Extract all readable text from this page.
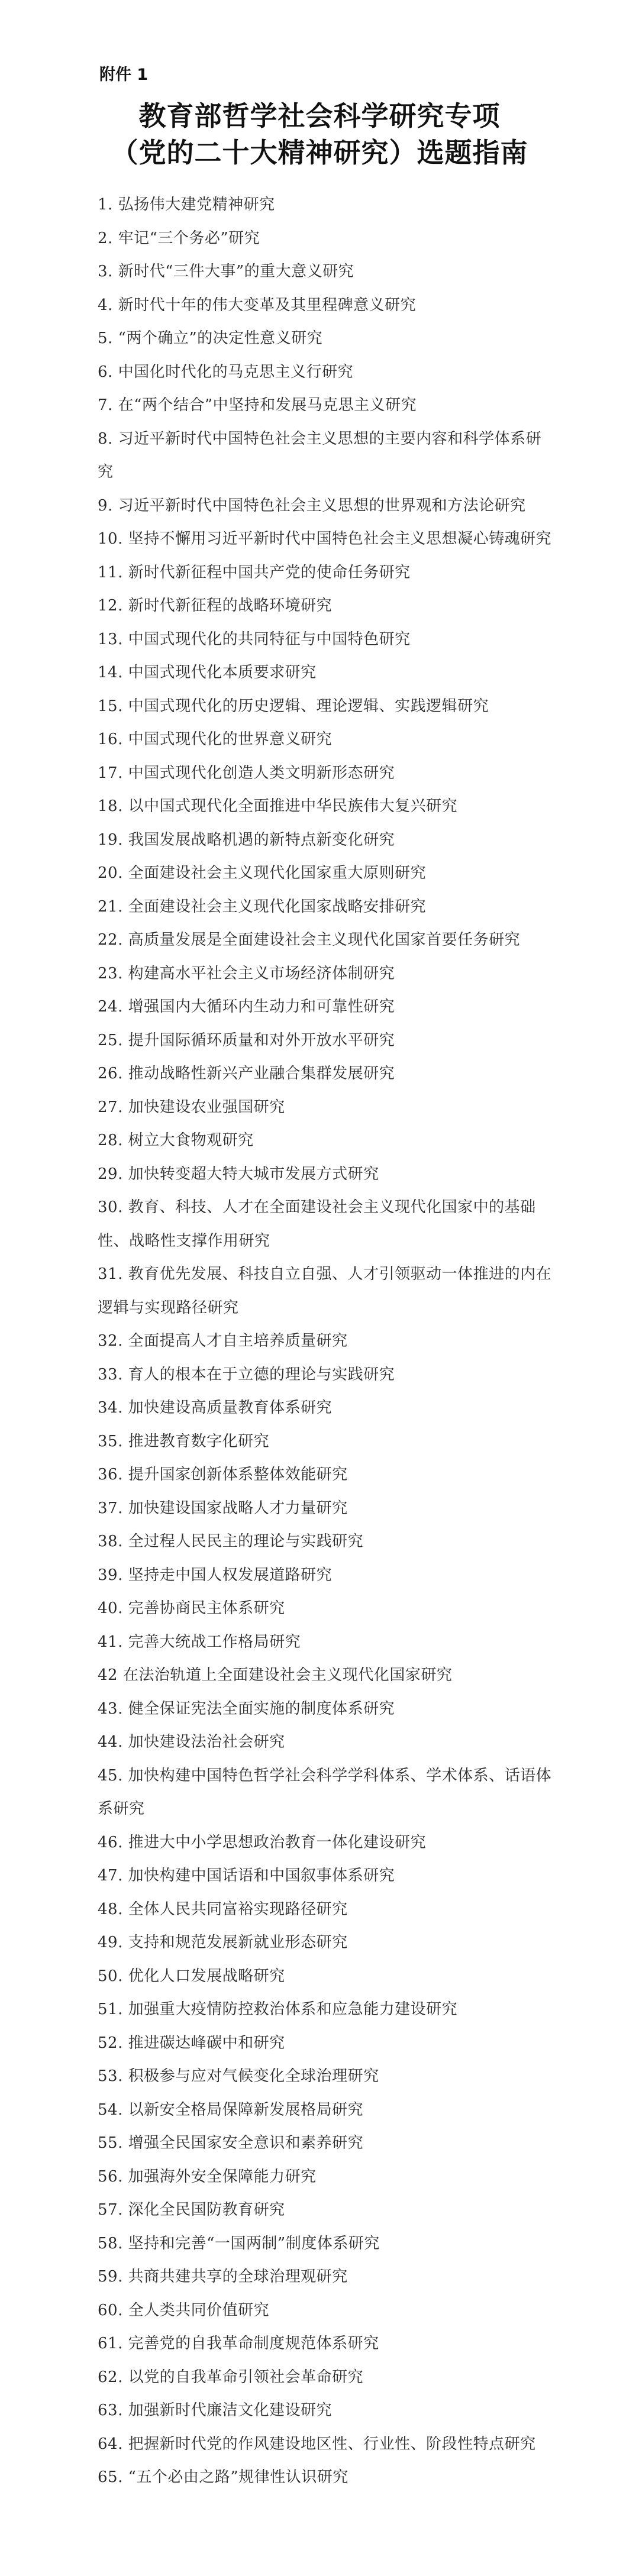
附件 1
教育部哲学社会科学研究专项
（党的二十大精神研究）选题指南
1. 弘扬伟大建党精神研究
2. 牢记“三个务必”研究
3. 新时代“三件大事”的重大意义研究
4. 新时代十年的伟大变革及其里程碑意义研究
5. “两个确立”的决定性意义研究
6. 中国化时代化的马克思主义行研究
7. 在“两个结合”中坚持和发展马克思主义研究
8. 习近平新时代中国特色社会主义思想的主要内容和科学体系研究
9. 习近平新时代中国特色社会主义思想的世界观和方法论研究
10. 坚持不懈用习近平新时代中国特色社会主义思想凝心铸魂研究
11. 新时代新征程中国共产党的使命任务研究
12. 新时代新征程的战略环境研究
13. 中国式现代化的共同特征与中国特色研究
14. 中国式现代化本质要求研究
15. 中国式现代化的历史逻辑、理论逻辑、实践逻辑研究
16. 中国式现代化的世界意义研究
17. 中国式现代化创造人类文明新形态研究
18. 以中国式现代化全面推进中华民族伟大复兴研究
19. 我国发展战略机遇的新特点新变化研究
20. 全面建设社会主义现代化国家重大原则研究
21. 全面建设社会主义现代化国家战略安排研究
22. 高质量发展是全面建设社会主义现代化国家首要任务研究
23. 构建高水平社会主义市场经济体制研究
24. 增强国内大循环内生动力和可靠性研究
25. 提升国际循环质量和对外开放水平研究
26. 推动战略性新兴产业融合集群发展研究
27. 加快建设农业强国研究
28. 树立大食物观研究
29. 加快转变超大特大城市发展方式研究
30. 教育、科技、人才在全面建设社会主义现代化国家中的基础性、战略性支撑作用研究
31. 教育优先发展、科技自立自强、人才引领驱动一体推进的内在逻辑与实现路径研究
32. 全面提高人才自主培养质量研究
33. 育人的根本在于立德的理论与实践研究
34. 加快建设高质量教育体系研究
35. 推进教育数字化研究
36. 提升国家创新体系整体效能研究
37. 加快建设国家战略人才力量研究
38. 全过程人民民主的理论与实践研究
39. 坚持走中国人权发展道路研究
40. 完善协商民主体系研究
41. 完善大统战工作格局研究
42 在法治轨道上全面建设社会主义现代化国家研究
43. 健全保证宪法全面实施的制度体系研究
44. 加快建设法治社会研究
45. 加快构建中国特色哲学社会科学学科体系、学术体系、话语体系研究
46. 推进大中小学思想政治教育一体化建设研究
47. 加快构建中国话语和中国叙事体系研究
48. 全体人民共同富裕实现路径研究
49. 支持和规范发展新就业形态研究
50. 优化人口发展战略研究
51. 加强重大疫情防控救治体系和应急能力建设研究
52. 推进碳达峰碳中和研究
53. 积极参与应对气候变化全球治理研究
54. 以新安全格局保障新发展格局研究
55. 增强全民国家安全意识和素养研究
56. 加强海外安全保障能力研究
57. 深化全民国防教育研究
58. 坚持和完善“一国两制”制度体系研究
59. 共商共建共享的全球治理观研究
60. 全人类共同价值研究
61. 完善党的自我革命制度规范体系研究
62. 以党的自我革命引领社会革命研究
63. 加强新时代廉洁文化建设研究
64. 把握新时代党的作风建设地区性、行业性、阶段性特点研究
65. “五个必由之路”规律性认识研究
